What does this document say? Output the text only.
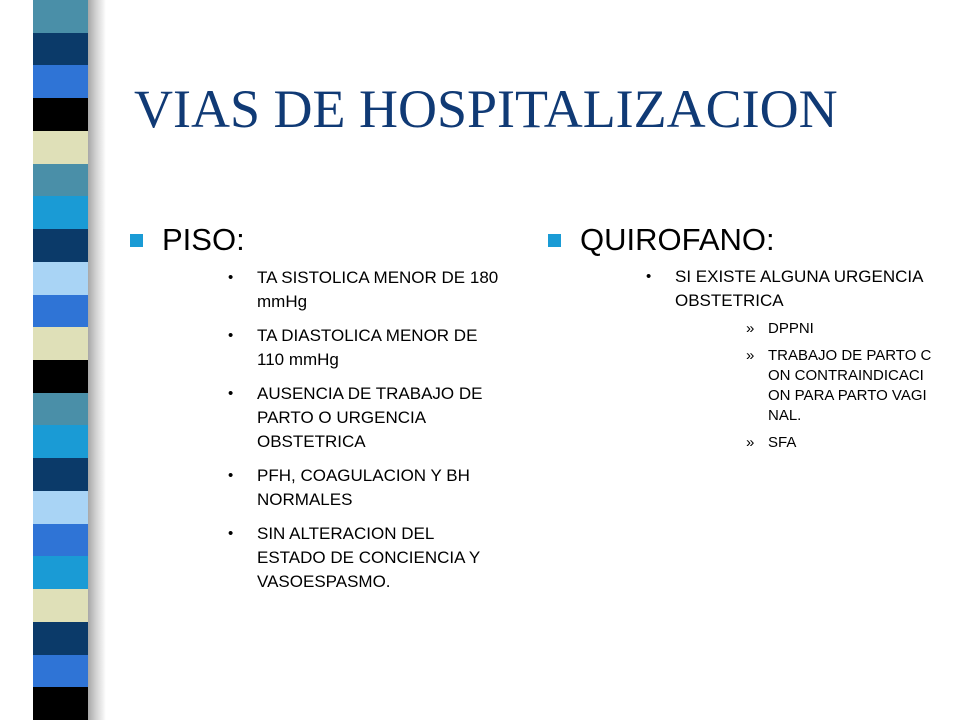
VIAS DE HOSPITALIZACION
PISO:
• TA SISTOLICA MENOR DE 180 mmHg
• TA DIASTOLICA MENOR DE 110 mmHg
• AUSENCIA DE TRABAJO DE PARTO O URGENCIA OBSTETRICA
• PFH, COAGULACION Y BH NORMALES
• SIN ALTERACION DEL ESTADO DE CONCIENCIA Y VASOESPASMO.
QUIROFANO:
• SI EXISTE ALGUNA URGENCIA OBSTETRICA
» DPPNI
» TRABAJO DE PARTO CON CONTRAINDICACION PARA PARTO VAGINAL.
» SFA
